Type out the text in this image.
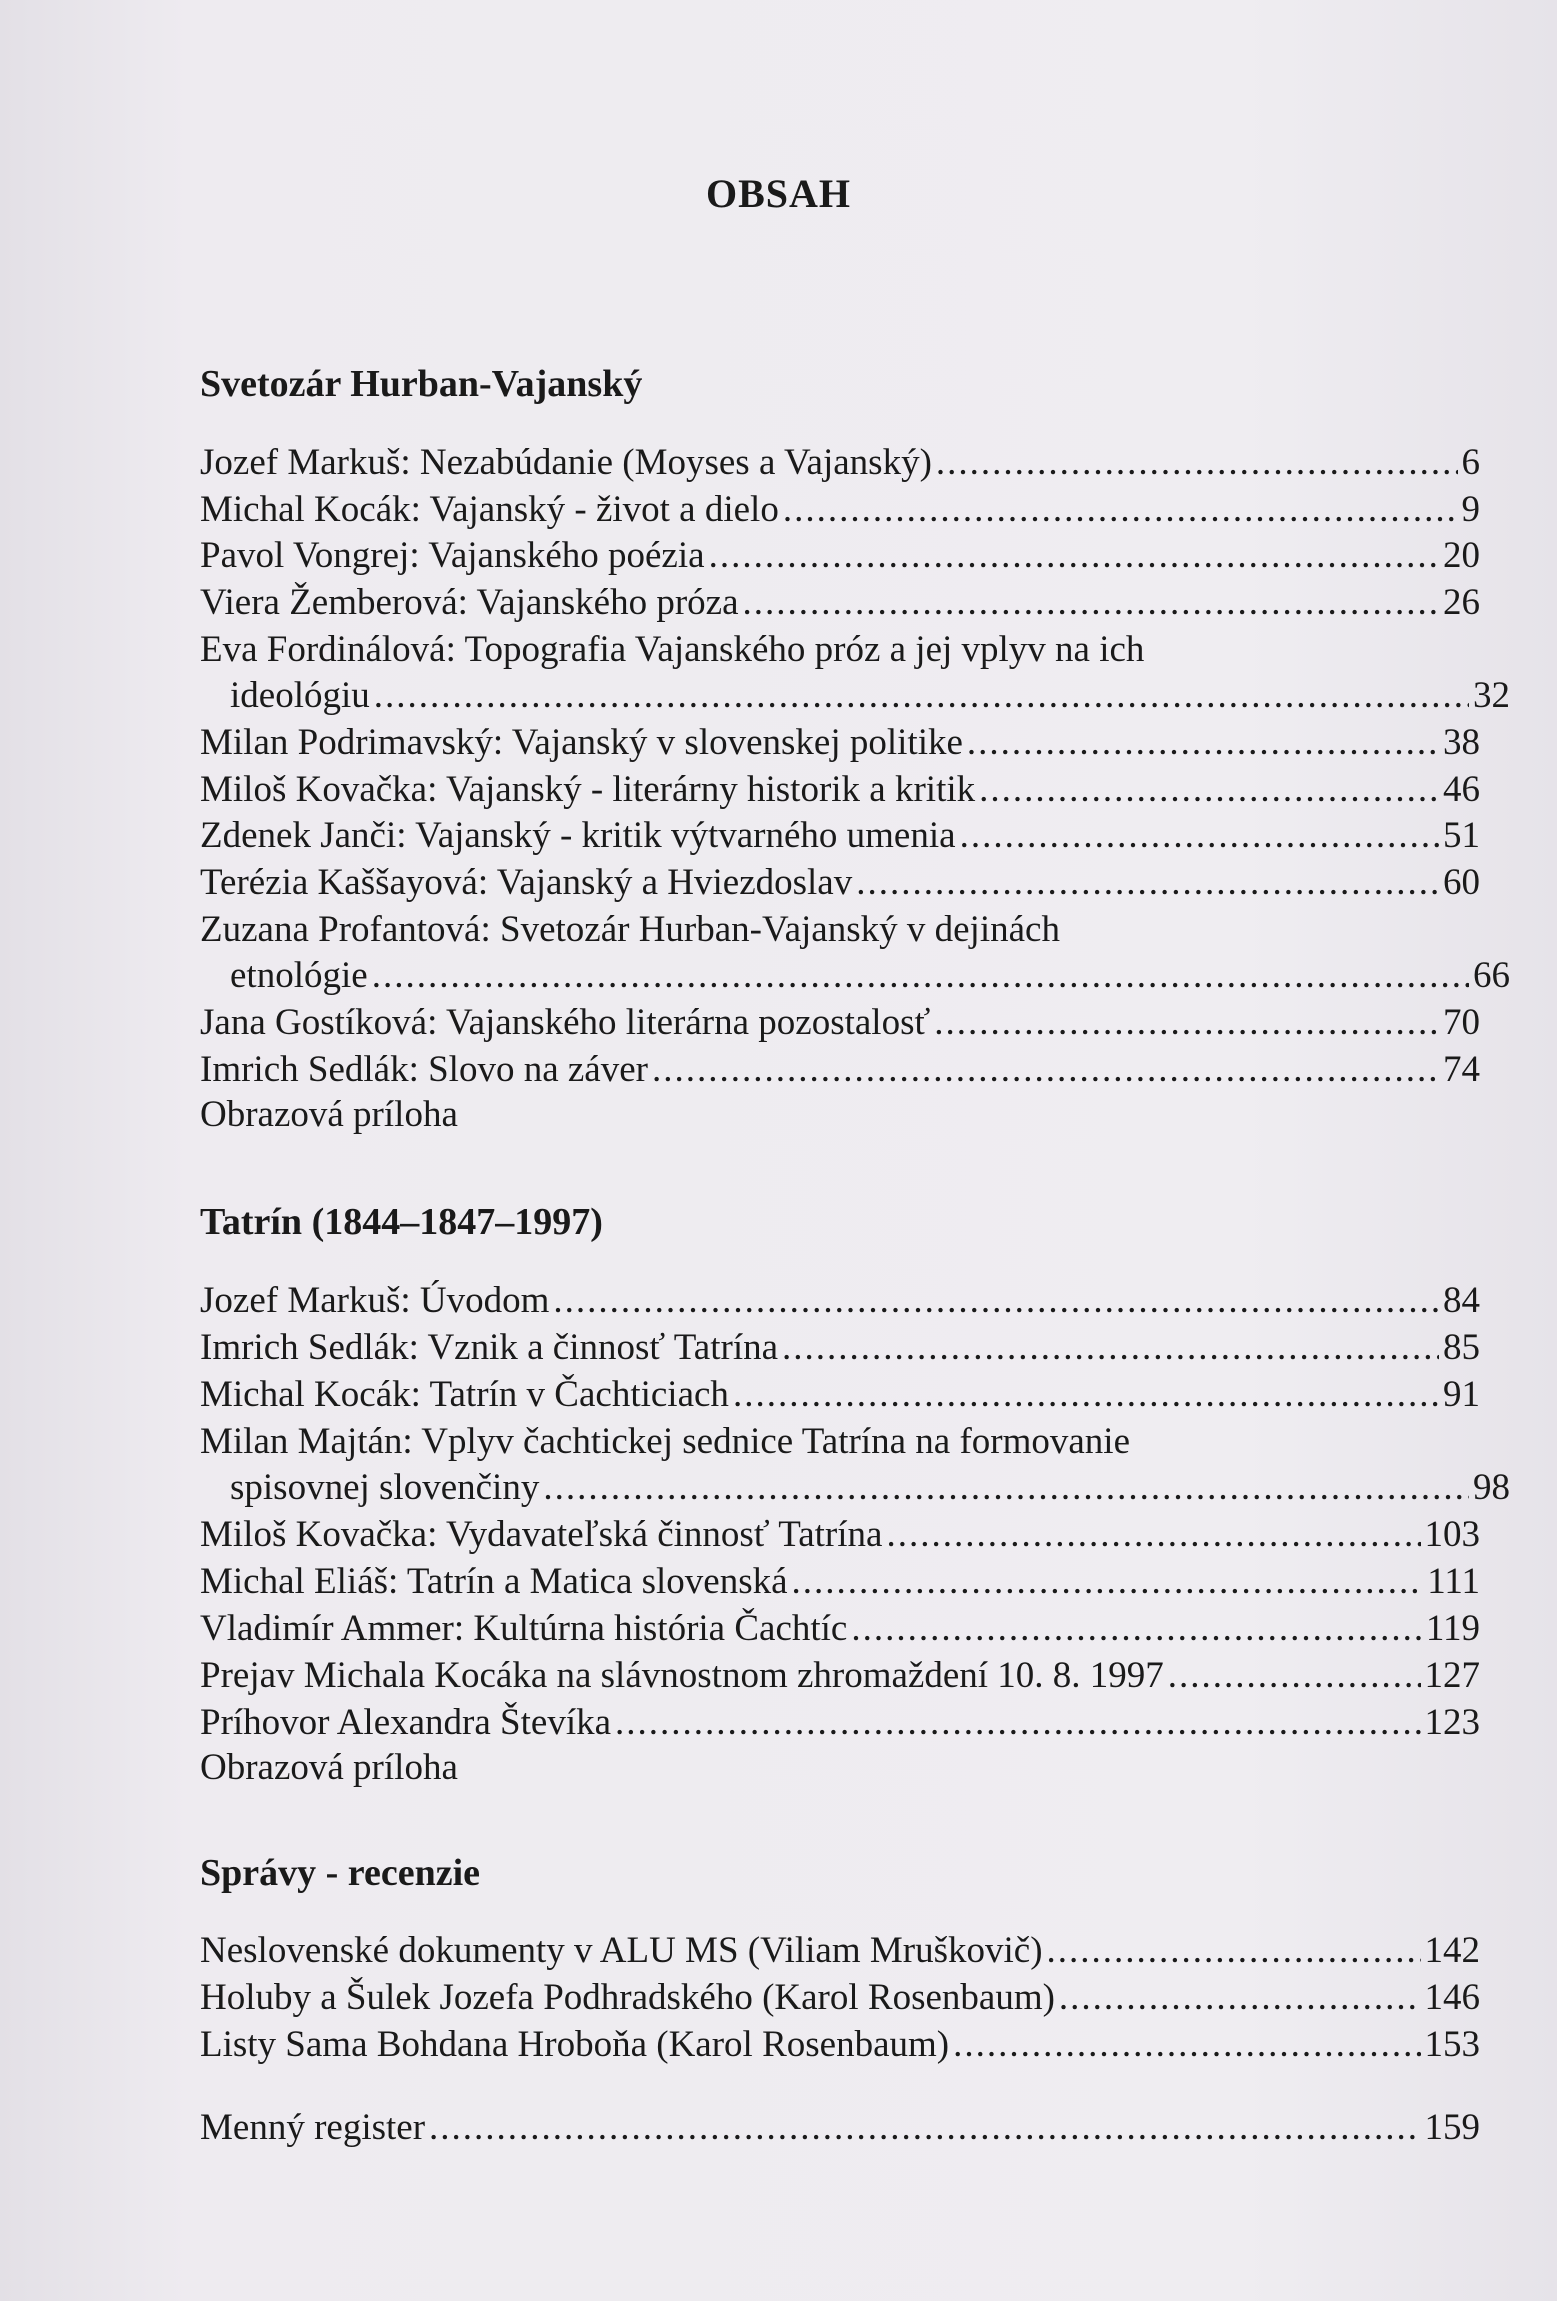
OBSAH
Svetozár Hurban-Vajanský
Jozef Markuš: Nezabúdanie (Moyses a Vajanský) .....	6
Michal Kocák: Vajanský - život a dielo .....	9
Pavol Vongrej: Vajanského poézia .....	20
Viera Žemberová: Vajanského próza .....	26
Eva Fordinálová: Topografia Vajanského próz a jej vplyv na ich
ideológiu .....	32
Milan Podrimavský: Vajanský v slovenskej politike .....	38
Miloš Kovačka: Vajanský - literárny historik a kritik .....	46
Zdenek Janči: Vajanský - kritik výtvarného umenia .....	51
Terézia Kaššayová: Vajanský a Hviezdoslav .....	60
Zuzana Profantová: Svetozár Hurban-Vajanský v dejinách
etnológie .....	66
Jana Gostíková: Vajanského literárna pozostalosť .....	70
Imrich Sedlák: Slovo na záver .....	74
Obrazová príloha
Tatrín (1844–1847–1997)
Jozef Markuš: Úvodom .....	84
Imrich Sedlák: Vznik a činnosť Tatrína .....	85
Michal Kocák: Tatrín v Čachticiach .....	91
Milan Majtán: Vplyv čachtickej sednice Tatrína na formovanie
spisovnej slovenčiny .....	98
Miloš Kovačka: Vydavateľská činnosť Tatrína .....	103
Michal Eliáš: Tatrín a Matica slovenská .....	111
Vladimír Ammer: Kultúrna história Čachtíc .....	119
Prejav Michala Kocáka na slávnostnom zhromaždení 10. 8. 1997 .....	127
Príhovor Alexandra Števíka .....	123
Obrazová príloha
Správy - recenzie
Neslovenské dokumenty v ALU MS (Viliam Mruškovič) .....	142
Holuby a Šulek Jozefa Podhradského (Karol Rosenbaum) .....	146
Listy Sama Bohdana Hroboňa (Karol Rosenbaum) .....	153
Menný register .....	159
